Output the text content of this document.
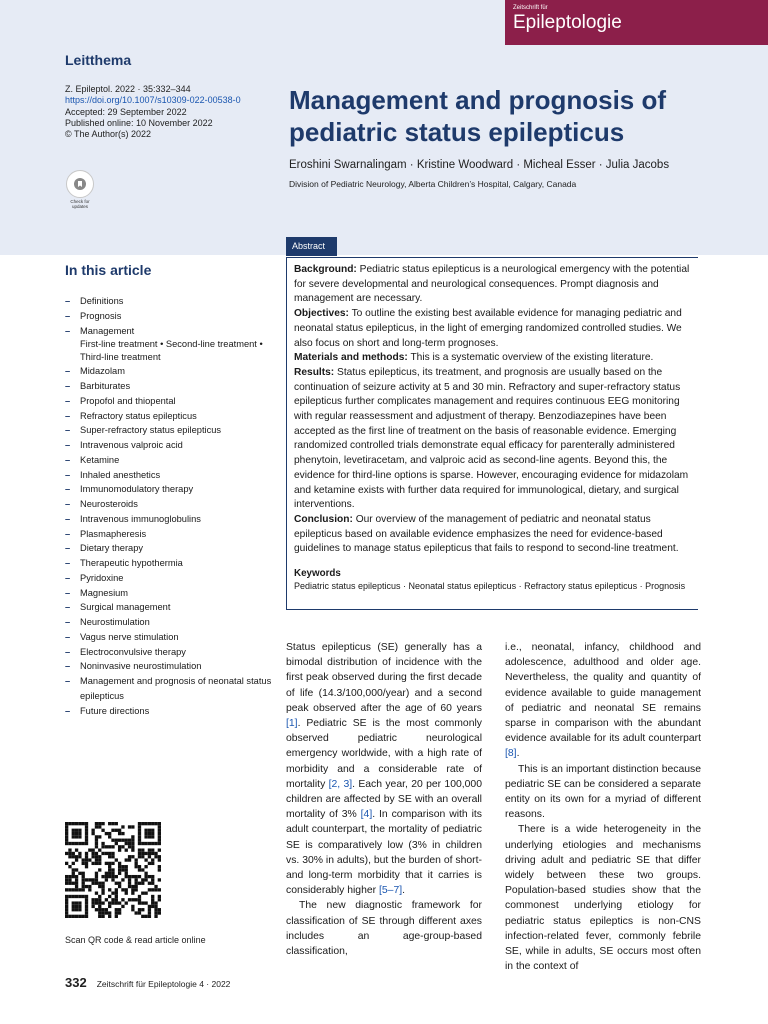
Zeitschrift für
Epileptologie
Leitthema
Z. Epileptol. 2022 · 35:332–344
https://doi.org/10.1007/s10309-022-00538-0
Accepted: 29 September 2022
Published online: 10 November 2022
© The Author(s) 2022
Check for updates
Management and prognosis of
pediatric status epilepticus
Eroshini Swarnalingam · Kristine Woodward · Micheal Esser · Julia Jacobs
Division of Pediatric Neurology, Alberta Children’s Hospital, Calgary, Canada
Abstract

Background: Pediatric status epilepticus is a neurological emergency with the potential for severe developmental and neurological consequences. Prompt diagnosis and management are necessary.

Objectives: To outline the existing best available evidence for managing pediatric and neonatal status epilepticus, in the light of emerging randomized controlled studies. We also focus on short and long-term prognoses.

Materials and methods: This is a systematic overview of the existing literature.

Results: Status epilepticus, its treatment, and prognosis are usually based on the continuation of seizure activity at 5 and 30 min. Refractory and super-refractory status epilepticus further complicates management and requires continuous EEG monitoring with regular reassessment and adjustment of therapy. Benzodiazepines have been accepted as the first line of treatment on the basis of reasonable evidence. Emerging randomized controlled trials demonstrate equal efficacy for parenterally administered phenytoin, levetiracetam, and valproic acid as second-line agents. Beyond this, the evidence for third-line options is sparse. However, encouraging evidence for midazolam and ketamine exists with further data required for immunological, dietary, and surgical interventions.

Conclusion: Our overview of the management of pediatric and neonatal status epilepticus based on available evidence emphasizes the need for evidence-based guidelines to manage status epilepticus that fails to respond to second-line treatment.

Keywords
Pediatric status epilepticus · Neonatal status epilepticus · Refractory status epilepticus · Prognosis
In this article
– Definitions
– Prognosis
– Management
First-line treatment • Second-line treatment • Third-line treatment
– Midazolam
– Barbiturates
– Propofol and thiopental
– Refractory status epilepticus
– Super-refractory status epilepticus
– Intravenous valproic acid
– Ketamine
– Inhaled anesthetics
– Immunomodulatory therapy
– Neurosteroids
– Intravenous immunoglobulins
– Plasmapheresis
– Dietary therapy
– Therapeutic hypothermia
– Pyridoxine
– Magnesium
– Surgical management
– Neurostimulation
– Vagus nerve stimulation
– Electroconvulsive therapy
– Noninvasive neurostimulation
– Management and prognosis of neonatal status epilepticus
– Future directions
Scan QR code & read article online

Status epilepticus (SE) generally has a bimodal distribution of incidence with the first peak observed during the first decade of life (14.3/100,000/year) and a second peak observed after the age of 60 years [1]. Pediatric SE is the most commonly observed pediatric neurological emergency worldwide, with a high rate of morbidity and a considerable rate of mortality [2, 3]. Each year, 20 per 100,000 children are affected by SE with an overall mortality of 3% [4]. In comparison with its adult counterpart, the mortality of pediatric SE is comparatively low (3% in children vs. 30% in adults), but the burden of short- and long-term morbidity that it carries is considerably higher [5–7].

The new diagnostic framework for classification of SE through different axes includes an age-group-based classification,

i.e., neonatal, infancy, childhood and adolescence, adulthood and older age. Nevertheless, the quality and quantity of evidence available to guide management of pediatric and neonatal SE remains sparse in comparison with the abundant evidence available for its adult counterpart [8].

This is an important distinction because pediatric SE can be considered a separate entity on its own for a myriad of different reasons.

There is a wide heterogeneity in the underlying etiologies and mechanisms driving adult and pediatric SE that differ widely between these two groups. Population-based studies show that the commonest underlying etiology for pediatric status epileptics is non-CNS infection-related fever, commonly febrile SE, while in adults, SE occurs most often in the context of

332 Zeitschrift für Epileptologie 4 · 2022
